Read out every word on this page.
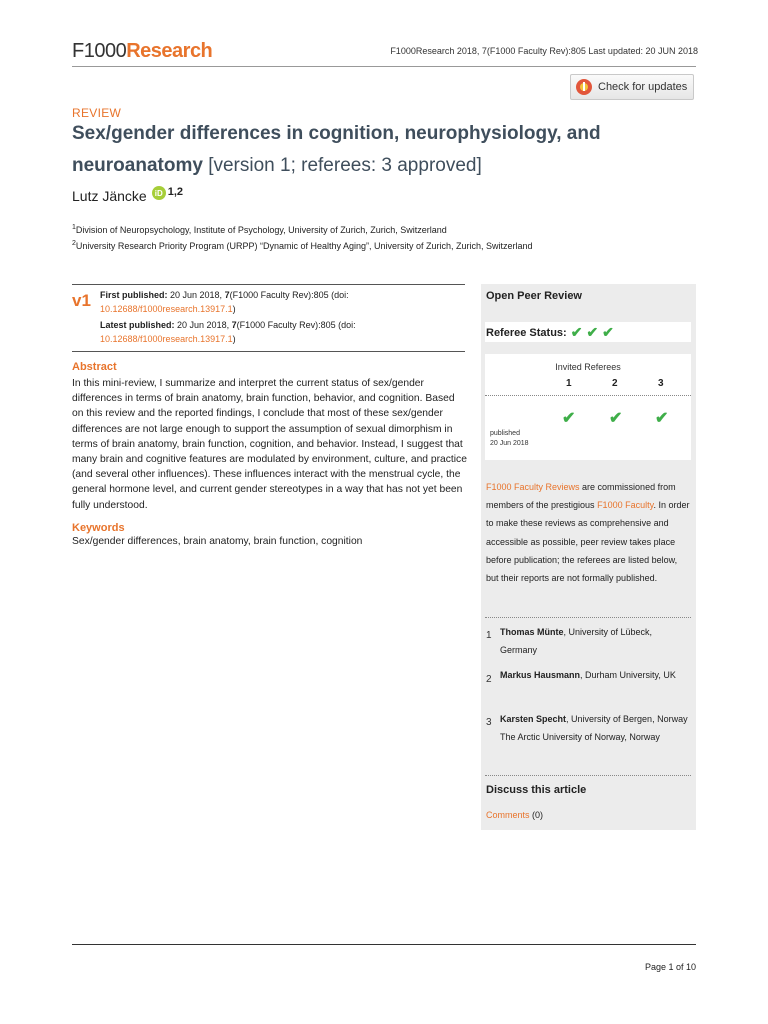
F1000Research	F1000Research 2018, 7(F1000 Faculty Rev):805 Last updated: 20 JUN 2018
Check for updates
REVIEW
Sex/gender differences in cognition, neurophysiology, and
neuroanatomy [version 1; referees: 3 approved]
Lutz Jäncke	iD $^{1,2}$
$^1$Division of Neuropsychology, Institute of Psychology, University of Zurich, Zurich, Switzerland
$^2$University Research Priority Program (URPP) “Dynamic of Healthy Aging”, University of Zurich, Zurich, Switzerland
v1 First published: 20 Jun 2018, 7(F1000 Faculty Rev):805 (doi:
10.12688/f1000research.13917.1)
Latest published: 20 Jun 2018, 7(F1000 Faculty Rev):805 (doi:
10.12688/f1000research.13917.1)
Abstract
In this mini-review, I summarize and interpret the current status of sex/gender differences in terms of brain anatomy, brain function, behavior, and cognition. Based on this review and the reported findings, I conclude that most of these sex/gender differences are not large enough to support the assumption of sexual dimorphism in terms of brain anatomy, brain function, cognition, and behavior. Instead, I suggest that many brain and cognitive features are modulated by environment, culture, and practice (and several other influences). These influences interact with the menstrual cycle, the general hormone level, and current gender stereotypes in a way that has not yet been fully understood.
Keywords
Sex/gender differences, brain anatomy, brain function, cognition
Open Peer Review
Referee Status: ✔ ✔ ✔
Invited Referees
1	2	3
✔ ✔ ✔
published
20 Jun 2018
F1000 Faculty Reviews are commissioned from members of the prestigious F1000 Faculty. In order to make these reviews as comprehensive and accessible as possible, peer review takes place before publication; the referees are listed below, but their reports are not formally published.
1 Thomas Münte, University of Lübeck, Germany
2 Markus Hausmann, Durham University, UK
3 Karsten Specht, University of Bergen, Norway
The Arctic University of Norway, Norway
Discuss this article
Comments (0)
Page 1 of 10
